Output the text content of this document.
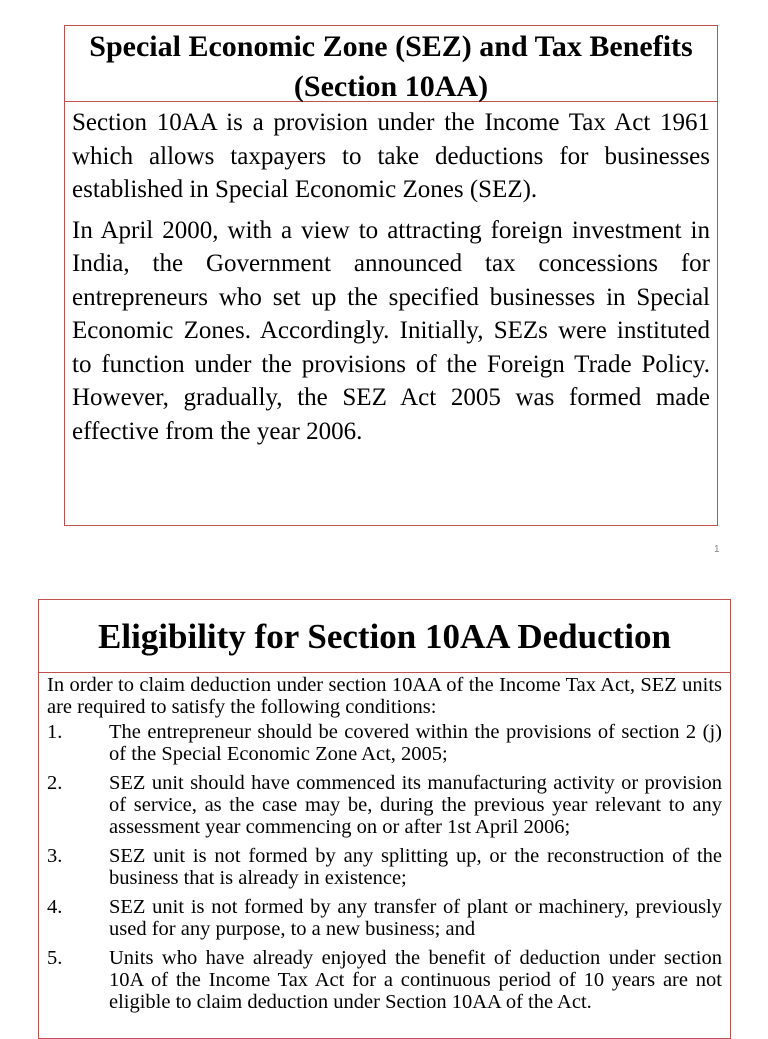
Special Economic Zone (SEZ) and Tax Benefits (Section 10AA)

Section 10AA is a provision under the Income Tax Act 1961 which allows taxpayers to take deductions for businesses established in Special Economic Zones (SEZ).

In April 2000, with a view to attracting foreign investment in India, the Government announced tax concessions for entrepreneurs who set up the specified businesses in Special Economic Zones. Accordingly. Initially, SEZs were instituted to function under the provisions of the Foreign Trade Policy. However, gradually, the SEZ Act 2005 was formed made effective from the year 2006.

1
Eligibility for Section 10AA Deduction

In order to claim deduction under section 10AA of the Income Tax Act, SEZ units are required to satisfy the following conditions:

1.	The entrepreneur should be covered within the provisions of section 2 (j) of the Special Economic Zone Act, 2005;
2.	SEZ unit should have commenced its manufacturing activity or provision of service, as the case may be, during the previous year relevant to any assessment year commencing on or after 1st April 2006;
3.	SEZ unit is not formed by any splitting up, or the reconstruction of the business that is already in existence;
4.	SEZ unit is not formed by any transfer of plant or machinery, previously used for any purpose, to a new business; and
5.	Units who have already enjoyed the benefit of deduction under section 10A of the Income Tax Act for a continuous period of 10 years are not eligible to claim deduction under Section 10AA of the Act.
